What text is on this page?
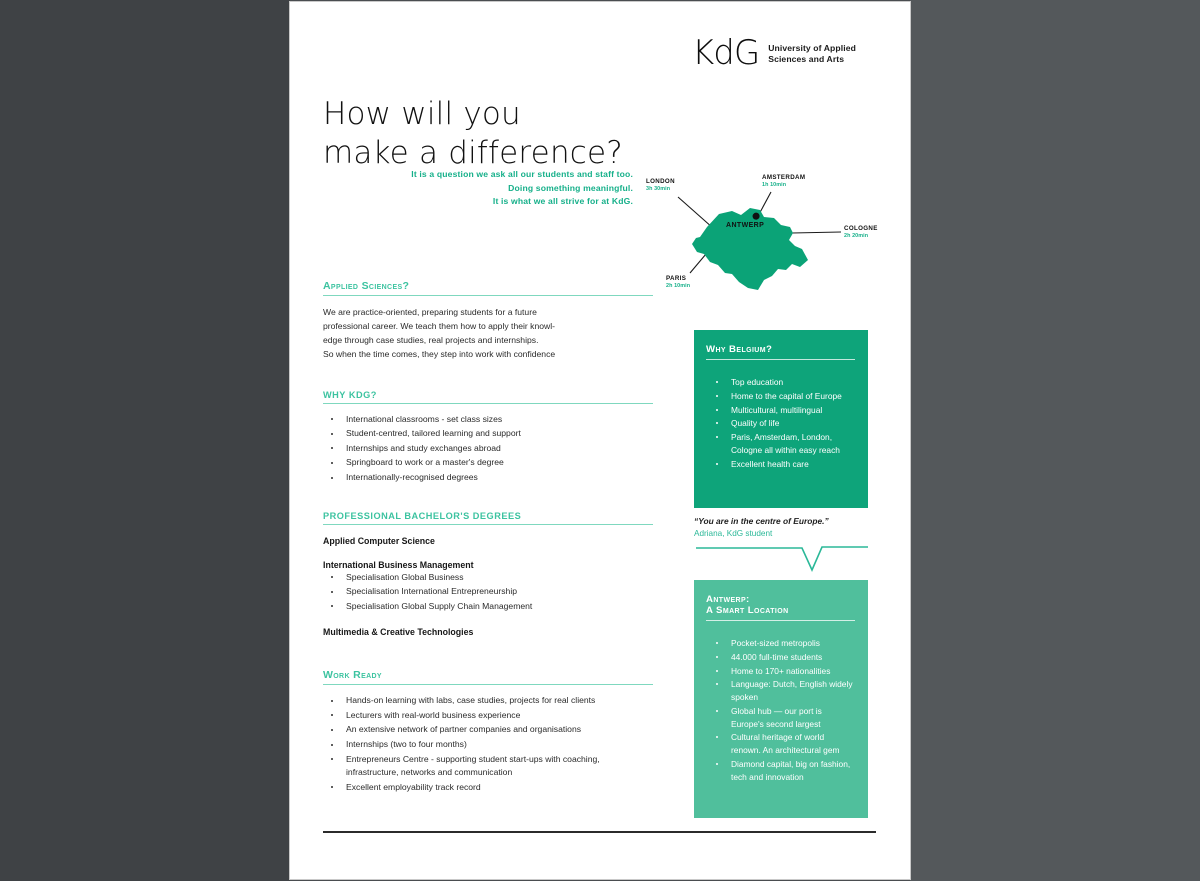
KdG University of Applied Sciences and Arts
How will you
make a difference?
It is a question we ask all our students and staff too.
Doing something meaningful.
It is what we all strive for at KdG.
LONDON
3h 30min
AMSTERDAM
1h 10min
COLOGNE
2h 20min
PARIS
2h 10min
ANTWERP
Applied Sciences?
We are practice-oriented, preparing students for a future
professional career. We teach them how to apply their knowl-
edge through case studies, real projects and internships.
So when the time comes, they step into work with confidence
WHY KDG?
International classrooms - set class sizes
Student-centred, tailored learning and support
Internships and study exchanges abroad
Springboard to work or a master's degree
Internationally-recognised degrees
PROFESSIONAL BACHELOR'S DEGREES
Applied Computer Science
International Business Management
Specialisation Global Business
Specialisation International Entrepreneurship
Specialisation Global Supply Chain Management
Multimedia & Creative Technologies
Work Ready
Hands-on learning with labs, case studies, projects for real clients
Lecturers with real-world business experience
An extensive network of partner companies and organisations
Internships (two to four months)
Entrepreneurs Centre - supporting student start-ups with coaching, infrastructure, networks and communication
Excellent employability track record
Why Belgium?
Top education
Home to the capital of Europe
Multicultural, multilingual
Quality of life
Paris, Amsterdam, London, Cologne all within easy reach
Excellent health care
“You are in the centre of Europe.”
Adriana, KdG student
Antwerp:
A Smart Location
Pocket-sized metropolis
44.000 full-time students
Home to 170+ nationalities
Language: Dutch, English widely spoken
Global hub — our port is Europe's second largest
Cultural heritage of world renown. An architectural gem
Diamond capital, big on fashion, tech and innovation
